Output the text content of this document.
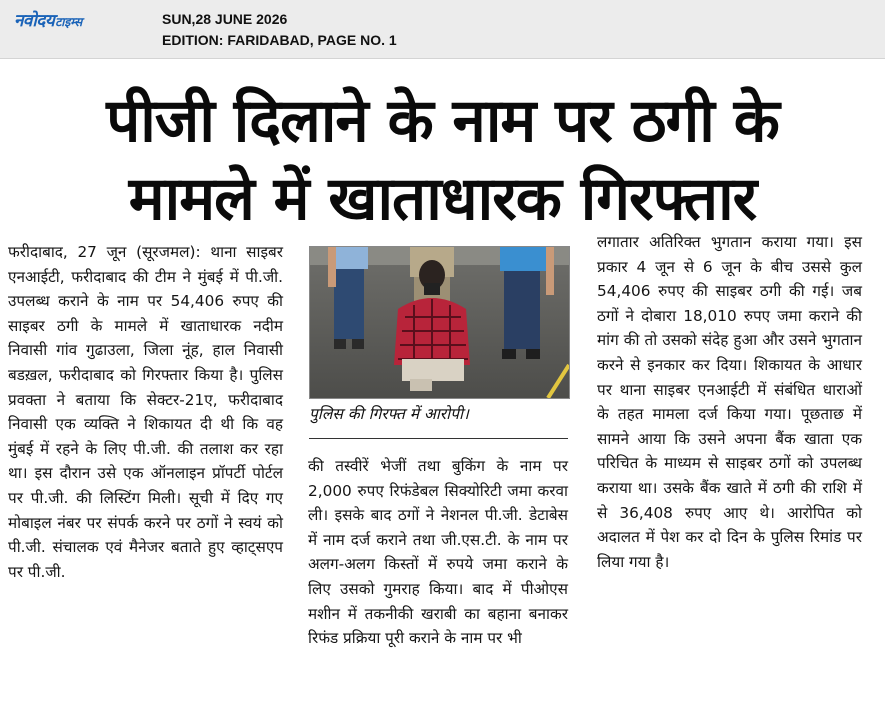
नवोदय टाइम्स	SUN,28 JUNE 2026
EDITION: FARIDABAD, PAGE NO. 1
पीजी दिलाने के नाम पर ठगी के
मामले में खाताधारक गिरफ्तार

फरीदाबाद, 27 जून (सूरजमल): थाना साइबर एनआईटी, फरीदाबाद की टीम ने मुंबई में पी.जी. उपलब्ध कराने के नाम पर 54,406 रुपए की साइबर ठगी के मामले में खाताधारक नदीम निवासी गांव गुढाउला, जिला नूंह, हाल निवासी बडख़ल, फरीदाबाद को गिरफ्तार किया है। पुलिस प्रवक्ता ने बताया कि सेक्टर-21ए, फरीदाबाद निवासी एक व्यक्ति ने शिकायत दी थी कि वह मुंबई में रहने के लिए पी.जी. की तलाश कर रहा था। इस दौरान उसे एक ऑनलाइन प्रॉपर्टी पोर्टल पर पी.जी. की लिस्टिंग मिली। सूची में दिए गए मोबाइल नंबर पर संपर्क करने पर ठगों ने स्वयं को पी.जी. संचालक एवं मैनेजर बताते हुए व्हाट्सएप पर पी.जी.

पुलिस की गिरफ्त में आरोपी।

की तस्वीरें भेजीं तथा बुकिंग के नाम पर 2,000 रुपए रिफंडेबल सिक्योरिटी जमा करवा ली। इसके बाद ठगों ने नेशनल पी.जी. डेटाबेस में नाम दर्ज कराने तथा जी.एस.टी. के नाम पर अलग-अलग किस्तों में रुपये जमा कराने के लिए उसको गुमराह किया। बाद में पीओएस मशीन में तकनीकी खराबी का बहाना बनाकर रिफंड प्रक्रिया पूरी कराने के नाम पर भी

लगातार अतिरिक्त भुगतान कराया गया। इस प्रकार 4 जून से 6 जून के बीच उससे कुल 54,406 रुपए की साइबर ठगी की गई। जब ठगों ने दोबारा 18,010 रुपए जमा कराने की मांग की तो उसको संदेह हुआ और उसने भुगतान करने से इनकार कर दिया। शिकायत के आधार पर थाना साइबर एनआईटी में संबंधित धाराओं के तहत मामला दर्ज किया गया। पूछताछ में सामने आया कि उसने अपना बैंक खाता एक परिचित के माध्यम से साइबर ठगों को उपलब्ध कराया था। उसके बैंक खाते में ठगी की राशि में से 36,408 रुपए आए थे। आरोपित को अदालत में पेश कर दो दिन के पुलिस रिमांड पर लिया गया है।
